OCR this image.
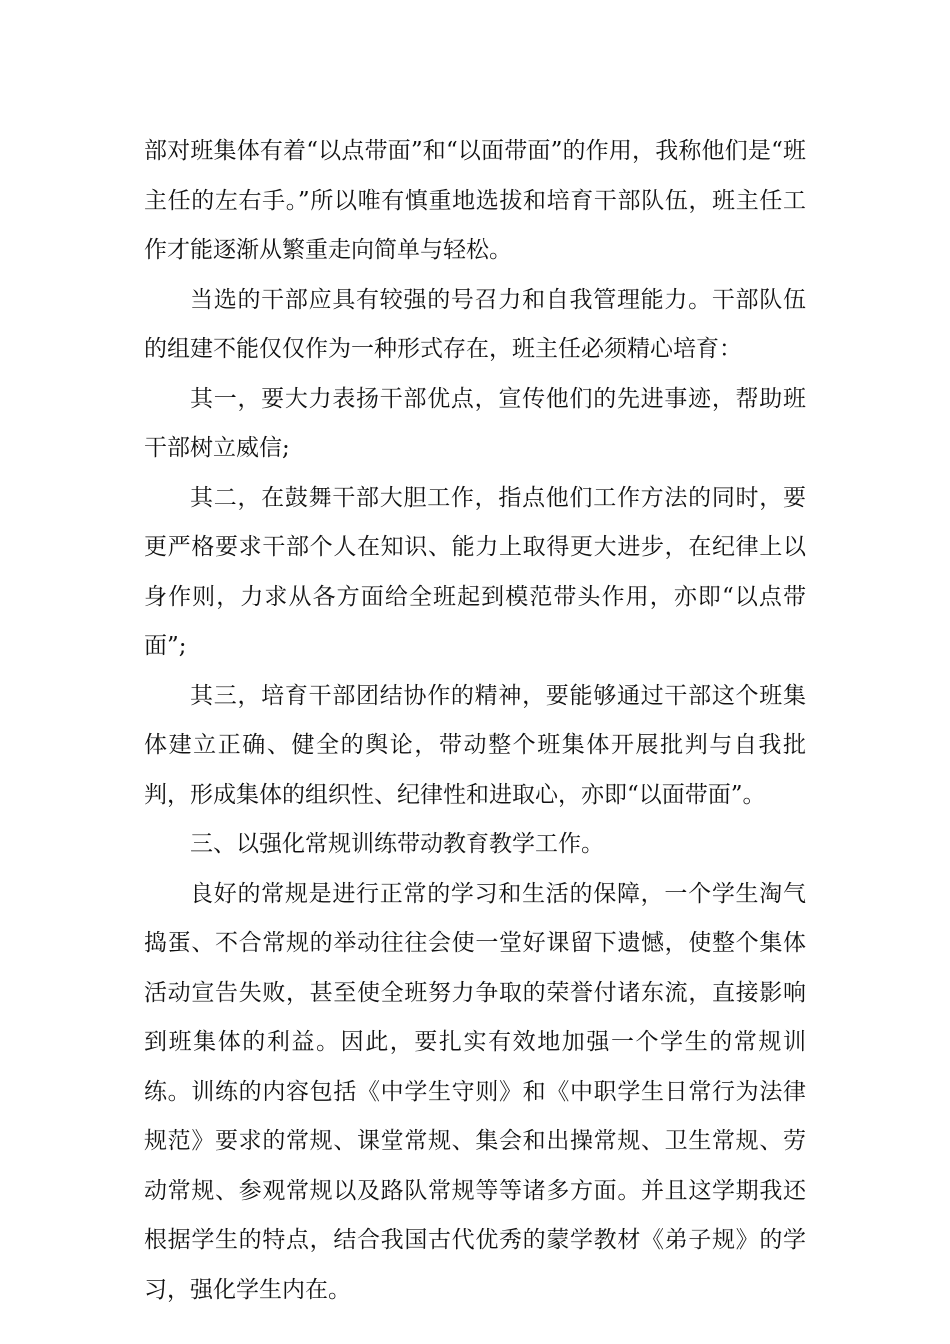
部对班集体有着“以点带面”和“以面带面”的作用，我称他们是“班主任的左右手。”所以唯有慎重地选拔和培育干部队伍，班主任工作才能逐渐从繁重走向简单与轻松。

当选的干部应具有较强的号召力和自我管理能力。干部队伍的组建不能仅仅作为一种形式存在，班主任必须精心培育：

其一，要大力表扬干部优点，宣传他们的先进事迹，帮助班干部树立威信;

其二，在鼓舞干部大胆工作，指点他们工作方法的同时，要更严格要求干部个人在知识、能力上取得更大进步，在纪律上以身作则，力求从各方面给全班起到模范带头作用，亦即“以点带面”;

其三，培育干部团结协作的精神，要能够通过干部这个班集体建立正确、健全的舆论，带动整个班集体开展批判与自我批判，形成集体的组织性、纪律性和进取心，亦即“以面带面”。

三、以强化常规训练带动教育教学工作。

良好的常规是进行正常的学习和生活的保障，一个学生淘气捣蛋、不合常规的举动往往会使一堂好课留下遗憾，使整个集体活动宣告失败，甚至使全班努力争取的荣誉付诸东流，直接影响到班集体的利益。因此，要扎实有效地加强一个学生的常规训练。训练的内容包括《中学生守则》和《中职学生日常行为法律规范》要求的常规、课堂常规、集会和出操常规、卫生常规、劳动常规、参观常规以及路队常规等等诸多方面。并且这学期我还根据学生的特点，结合我国古代优秀的蒙学教材《弟子规》的学习，强化学生内在。
